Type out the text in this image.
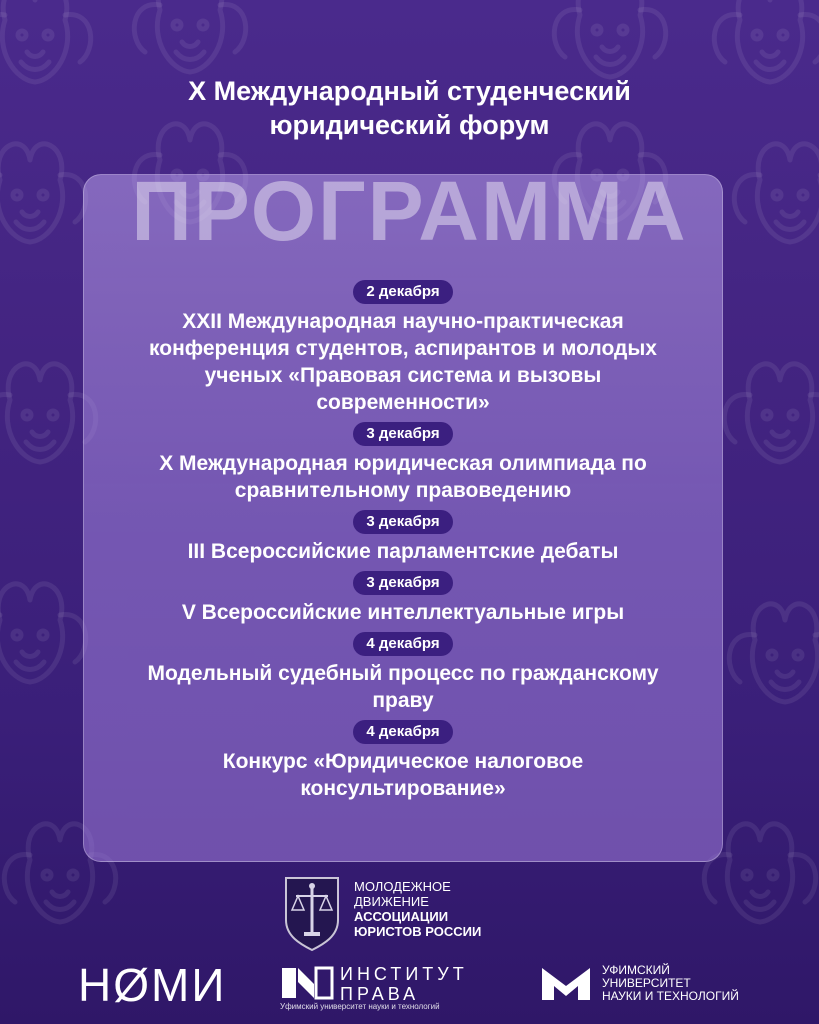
X Международный студенческий
юридический форум
ПРОГРАММА
2 декабря
XXII Международная научно-практическая
конференция студентов, аспирантов и молодых
ученых «Правовая система и вызовы
современности»
3 декабря
X Международная юридическая олимпиада по
сравнительному правоведению
3 декабря
III Всероссийские парламентские дебаты
3 декабря
V Всероссийские интеллектуальные игры
4 декабря
Модельный судебный процесс по гражданскому
праву
4 декабря
Конкурс «Юридическое налоговое
консультирование»
МОЛОДЕЖНОЕ
ДВИЖЕНИЕ
АССОЦИАЦИИ
ЮРИСТОВ РОССИИ
НØМИ	ИНСТИТУТ
ПРАВА
Уфимский университет науки и технологий
УФИМСКИЙ
УНИВЕРСИТЕТ
НАУКИ И ТЕХНОЛОГИЙ
